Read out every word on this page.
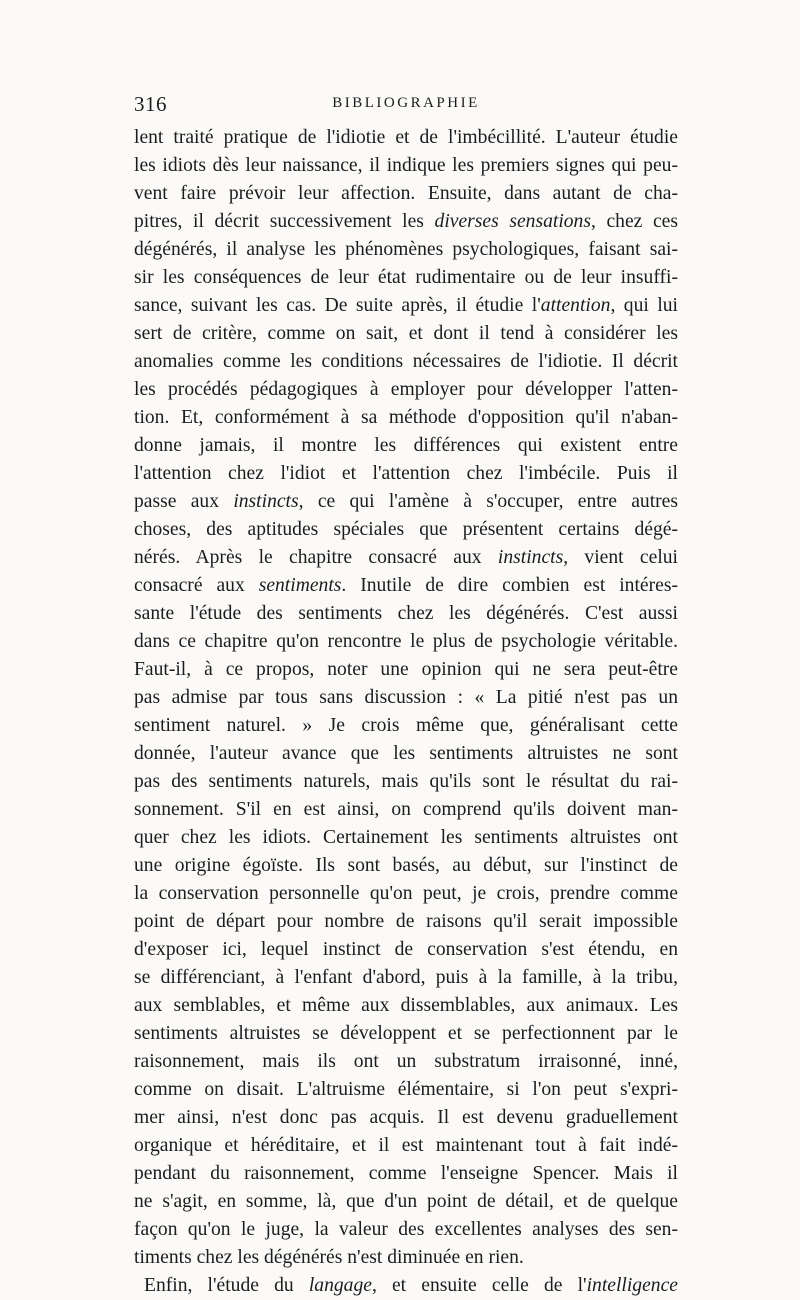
316	BIBLIOGRAPHIE
lent traité pratique de l'idiotie et de l'imbécillité. L'auteur étudie
les idiots dès leur naissance, il indique les premiers signes qui peu-
vent faire prévoir leur affection. Ensuite, dans autant de cha-
pitres, il décrit successivement les diverses sensations, chez ces
dégénérés, il analyse les phénomènes psychologiques, faisant sai-
sir les conséquences de leur état rudimentaire ou de leur insuffi-
sance, suivant les cas. De suite après, il étudie l'attention, qui lui
sert de critère, comme on sait, et dont il tend à considérer les
anomalies comme les conditions nécessaires de l'idiotie. Il décrit
les procédés pédagogiques à employer pour développer l'atten-
tion. Et, conformément à sa méthode d'opposition qu'il n'aban-
donne jamais, il montre les différences qui existent entre
l'attention chez l'idiot et l'attention chez l'imbécile. Puis il
passe aux instincts, ce qui l'amène à s'occuper, entre autres
choses, des aptitudes spéciales que présentent certains dégé-
nérés. Après le chapitre consacré aux instincts, vient celui
consacré aux sentiments. Inutile de dire combien est intéres-
sante l'étude des sentiments chez les dégénérés. C'est aussi
dans ce chapitre qu'on rencontre le plus de psychologie véritable.
Faut-il, à ce propos, noter une opinion qui ne sera peut-être
pas admise par tous sans discussion : « La pitié n'est pas un
sentiment naturel. » Je crois même que, généralisant cette
donnée, l'auteur avance que les sentiments altruistes ne sont
pas des sentiments naturels, mais qu'ils sont le résultat du rai-
sonnement. S'il en est ainsi, on comprend qu'ils doivent man-
quer chez les idiots. Certainement les sentiments altruistes ont
une origine égoïste. Ils sont basés, au début, sur l'instinct de
la conservation personnelle qu'on peut, je crois, prendre comme
point de départ pour nombre de raisons qu'il serait impossible
d'exposer ici, lequel instinct de conservation s'est étendu, en
se différenciant, à l'enfant d'abord, puis à la famille, à la tribu,
aux semblables, et même aux dissemblables, aux animaux. Les
sentiments altruistes se développent et se perfectionnent par le
raisonnement, mais ils ont un substratum irraisonné, inné,
comme on disait. L'altruisme élémentaire, si l'on peut s'expri-
mer ainsi, n'est donc pas acquis. Il est devenu graduellement
organique et héréditaire, et il est maintenant tout à fait indé-
pendant du raisonnement, comme l'enseigne Spencer. Mais il
ne s'agit, en somme, là, que d'un point de détail, et de quelque
façon qu'on le juge, la valeur des excellentes analyses des sen-
timents chez les dégénérés n'est diminuée en rien.
Enfin, l'étude du langage, et ensuite celle de l'intelligence
